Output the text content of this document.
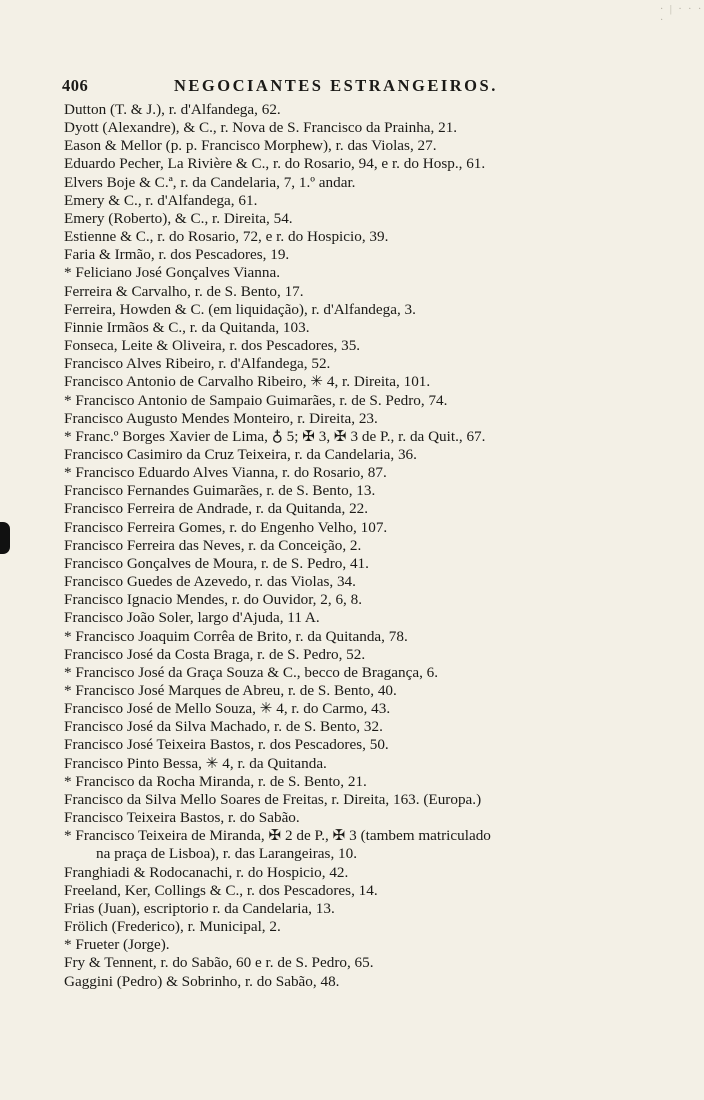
· | · · · ·
406	NEGOCIANTES ESTRANGEIROS.
Dutton (T. & J.), r. d'Alfandega, 62.
Dyott (Alexandre), & C., r. Nova de S. Francisco da Prainha, 21.
Eason & Mellor (p. p. Francisco Morphew), r. das Violas, 27.
Eduardo Pecher, La Rivière & C., r. do Rosario, 94, e r. do Hosp., 61.
Elvers Boje & C.ª, r. da Candelaria, 7, 1.º andar.
Emery & C., r. d'Alfandega, 61.
Emery (Roberto), & C., r. Direita, 54.
Estienne & C., r. do Rosario, 72, e r. do Hospicio, 39.
Faria & Irmão, r. dos Pescadores, 19.
* Feliciano José Gonçalves Vianna.
Ferreira & Carvalho, r. de S. Bento, 17.
Ferreira, Howden & C. (em liquidação), r. d'Alfandega, 3.
Finnie Irmãos & C., r. da Quitanda, 103.
Fonseca, Leite & Oliveira, r. dos Pescadores, 35.
Francisco Alves Ribeiro, r. d'Alfandega, 52.
Francisco Antonio de Carvalho Ribeiro, ✳ 4, r. Direita, 101.
* Francisco Antonio de Sampaio Guimarães, r. de S. Pedro, 74.
Francisco Augusto Mendes Monteiro, r. Direita, 23.
* Franc.º Borges Xavier de Lima, ♁ 5; ✠ 3, ✠ 3 de P., r. da Quit., 67.
Francisco Casimiro da Cruz Teixeira, r. da Candelaria, 36.
* Francisco Eduardo Alves Vianna, r. do Rosario, 87.
Francisco Fernandes Guimarães, r. de S. Bento, 13.
Francisco Ferreira de Andrade, r. da Quitanda, 22.
Francisco Ferreira Gomes, r. do Engenho Velho, 107.
Francisco Ferreira das Neves, r. da Conceição, 2.
Francisco Gonçalves de Moura, r. de S. Pedro, 41.
Francisco Guedes de Azevedo, r. das Violas, 34.
Francisco Ignacio Mendes, r. do Ouvidor, 2, 6, 8.
Francisco João Soler, largo d'Ajuda, 11 A.
* Francisco Joaquim Corrêa de Brito, r. da Quitanda, 78.
Francisco José da Costa Braga, r. de S. Pedro, 52.
* Francisco José da Graça Souza & C., becco de Bragança, 6.
* Francisco José Marques de Abreu, r. de S. Bento, 40.
Francisco José de Mello Souza, ✳ 4, r. do Carmo, 43.
Francisco José da Silva Machado, r. de S. Bento, 32.
Francisco José Teixeira Bastos, r. dos Pescadores, 50.
Francisco Pinto Bessa, ✳ 4, r. da Quitanda.
* Francisco da Rocha Miranda, r. de S. Bento, 21.
Francisco da Silva Mello Soares de Freitas, r. Direita, 163. (Europa.)
Francisco Teixeira Bastos, r. do Sabão.
* Francisco Teixeira de Miranda, ✠ 2 de P., ✠ 3 (tambem matriculado
na praça de Lisboa), r. das Larangeiras, 10.
Franghiadi & Rodocanachi, r. do Hospicio, 42.
Freeland, Ker, Collings & C., r. dos Pescadores, 14.
Frias (Juan), escriptorio r. da Candelaria, 13.
Frölich (Frederico), r. Municipal, 2.
* Frueter (Jorge).
Fry & Tennent, r. do Sabão, 60 e r. de S. Pedro, 65.
Gaggini (Pedro) & Sobrinho, r. do Sabão, 48.
